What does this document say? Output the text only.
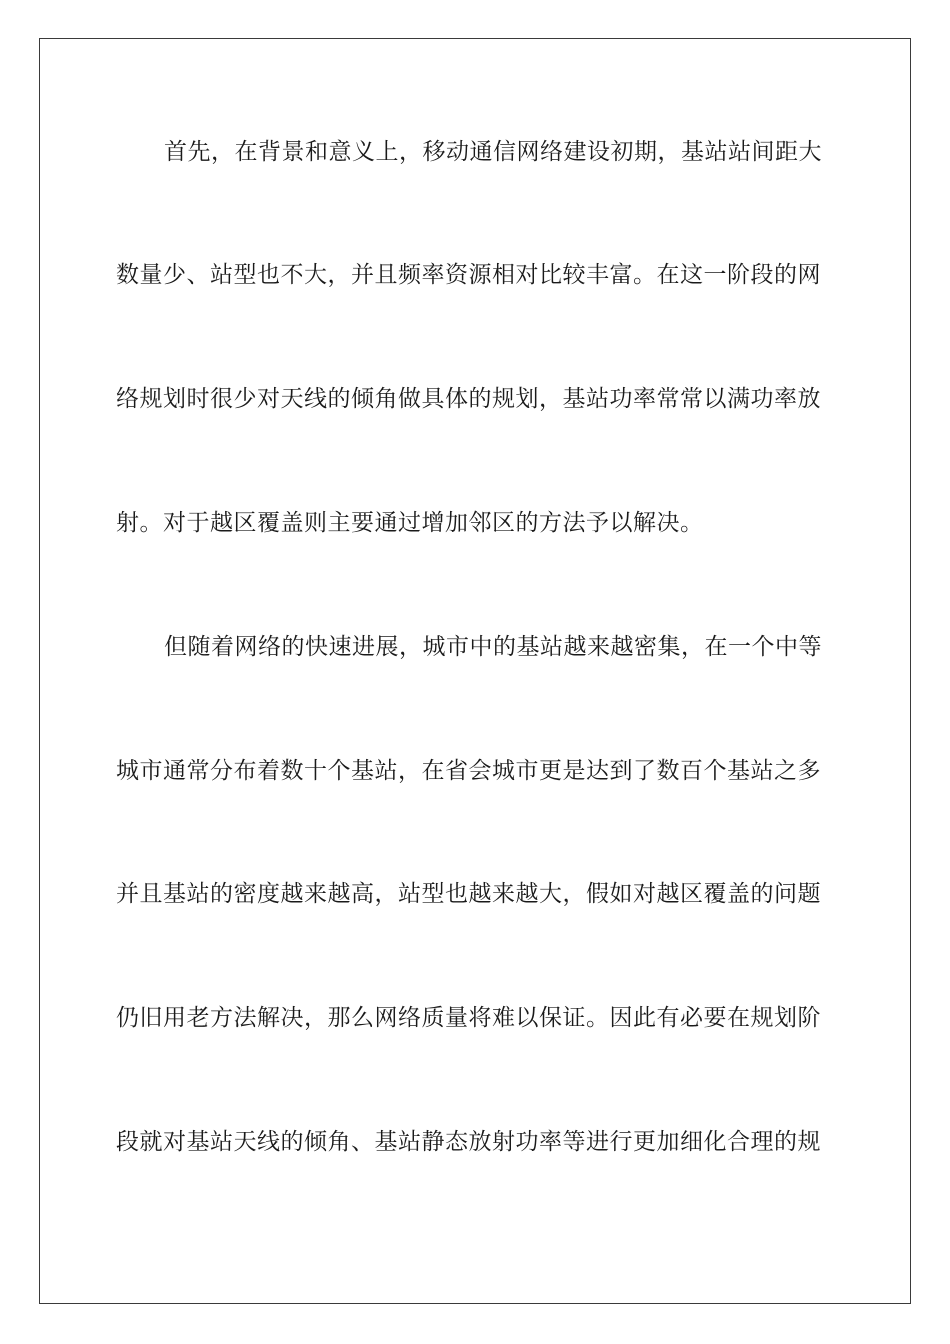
首先，在背景和意义上，移动通信网络建设初期，基站站间距大
数量少、站型也不大，并且频率资源相对比较丰富。在这一阶段的网
络规划时很少对天线的倾角做具体的规划，基站功率常常以满功率放
射。对于越区覆盖则主要通过增加邻区的方法予以解决。
但随着网络的快速进展，城市中的基站越来越密集，在一个中等
城市通常分布着数十个基站，在省会城市更是达到了数百个基站之多
并且基站的密度越来越高，站型也越来越大，假如对越区覆盖的问题
仍旧用老方法解决，那么网络质量将难以保证。因此有必要在规划阶
段就对基站天线的倾角、基站静态放射功率等进行更加细化合理的规
